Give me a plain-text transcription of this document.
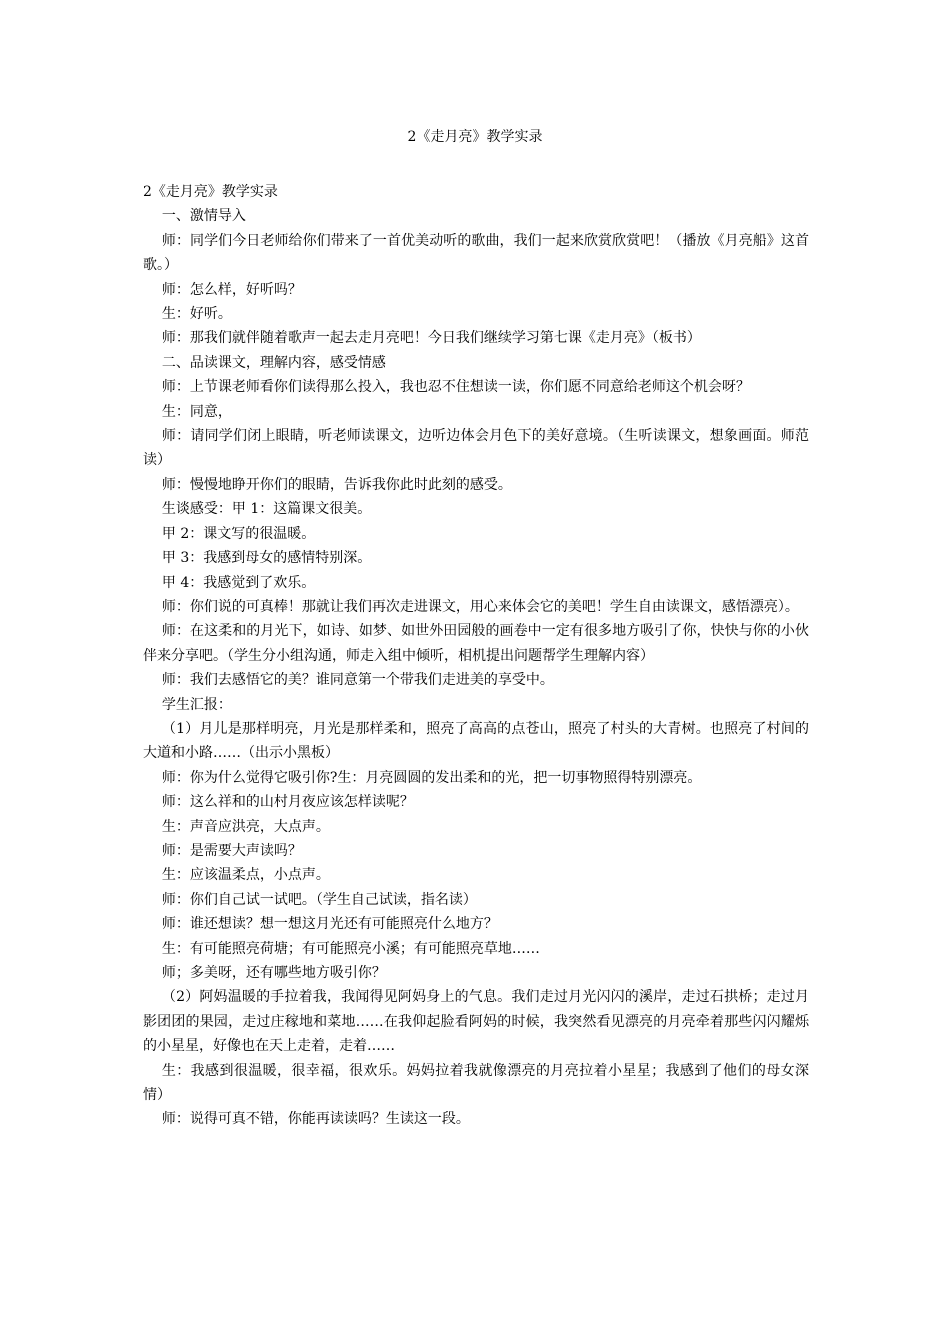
2《走月亮》教学实录

2《走月亮》教学实录

一、激情导入

师：同学们今日老师给你们带来了一首优美动听的歌曲，我们一起来欣赏欣赏吧！（播放《月亮船》这首歌。）

师：怎么样，好听吗？

生：好听。

师：那我们就伴随着歌声一起去走月亮吧！今日我们继续学习第七课《走月亮》（板书）

二、品读课文，理解内容，感受情感

师：上节课老师看你们读得那么投入，我也忍不住想读一读，你们愿不同意给老师这个机会呀？

生：同意，

师：请同学们闭上眼睛，听老师读课文，边听边体会月色下的美好意境。（生听读课文，想象画面。师范读）

师：慢慢地睁开你们的眼睛，告诉我你此时此刻的感受。

生谈感受：甲 1：这篇课文很美。

甲 2：课文写的很温暖。

甲 3：我感到母女的感情特别深。

甲 4：我感觉到了欢乐。

师：你们说的可真棒！那就让我们再次走进课文，用心来体会它的美吧！学生自由读课文，感悟漂亮）。

师：在这柔和的月光下，如诗、如梦、如世外田园般的画卷中一定有很多地方吸引了你，快快与你的小伙伴来分享吧。（学生分小组沟通，师走入组中倾听，相机提出问题帮学生理解内容）

师：我们去感悟它的美？谁同意第一个带我们走进美的享受中。

学生汇报：

（1）月儿是那样明亮，月光是那样柔和，照亮了高高的点苍山，照亮了村头的大青树。也照亮了村间的大道和小路……（出示小黑板）

师：你为什么觉得它吸引你?生：月亮圆圆的发出柔和的光，把一切事物照得特别漂亮。

师：这么祥和的山村月夜应该怎样读呢？

生：声音应洪亮，大点声。

师：是需要大声读吗？

生：应该温柔点，小点声。

师：你们自己试一试吧。（学生自己试读，指名读）

师：谁还想读？想一想这月光还有可能照亮什么地方？

生：有可能照亮荷塘；有可能照亮小溪；有可能照亮草地……

师；多美呀，还有哪些地方吸引你？

（2）阿妈温暖的手拉着我，我闻得见阿妈身上的气息。我们走过月光闪闪的溪岸，走过石拱桥；走过月影团团的果园，走过庄稼地和菜地……在我仰起脸看阿妈的时候，我突然看见漂亮的月亮牵着那些闪闪耀烁的小星星，好像也在天上走着，走着……

生：我感到很温暖，很幸福，很欢乐。妈妈拉着我就像漂亮的月亮拉着小星星；我感到了他们的母女深情）

师：说得可真不错，你能再读读吗？生读这一段。
